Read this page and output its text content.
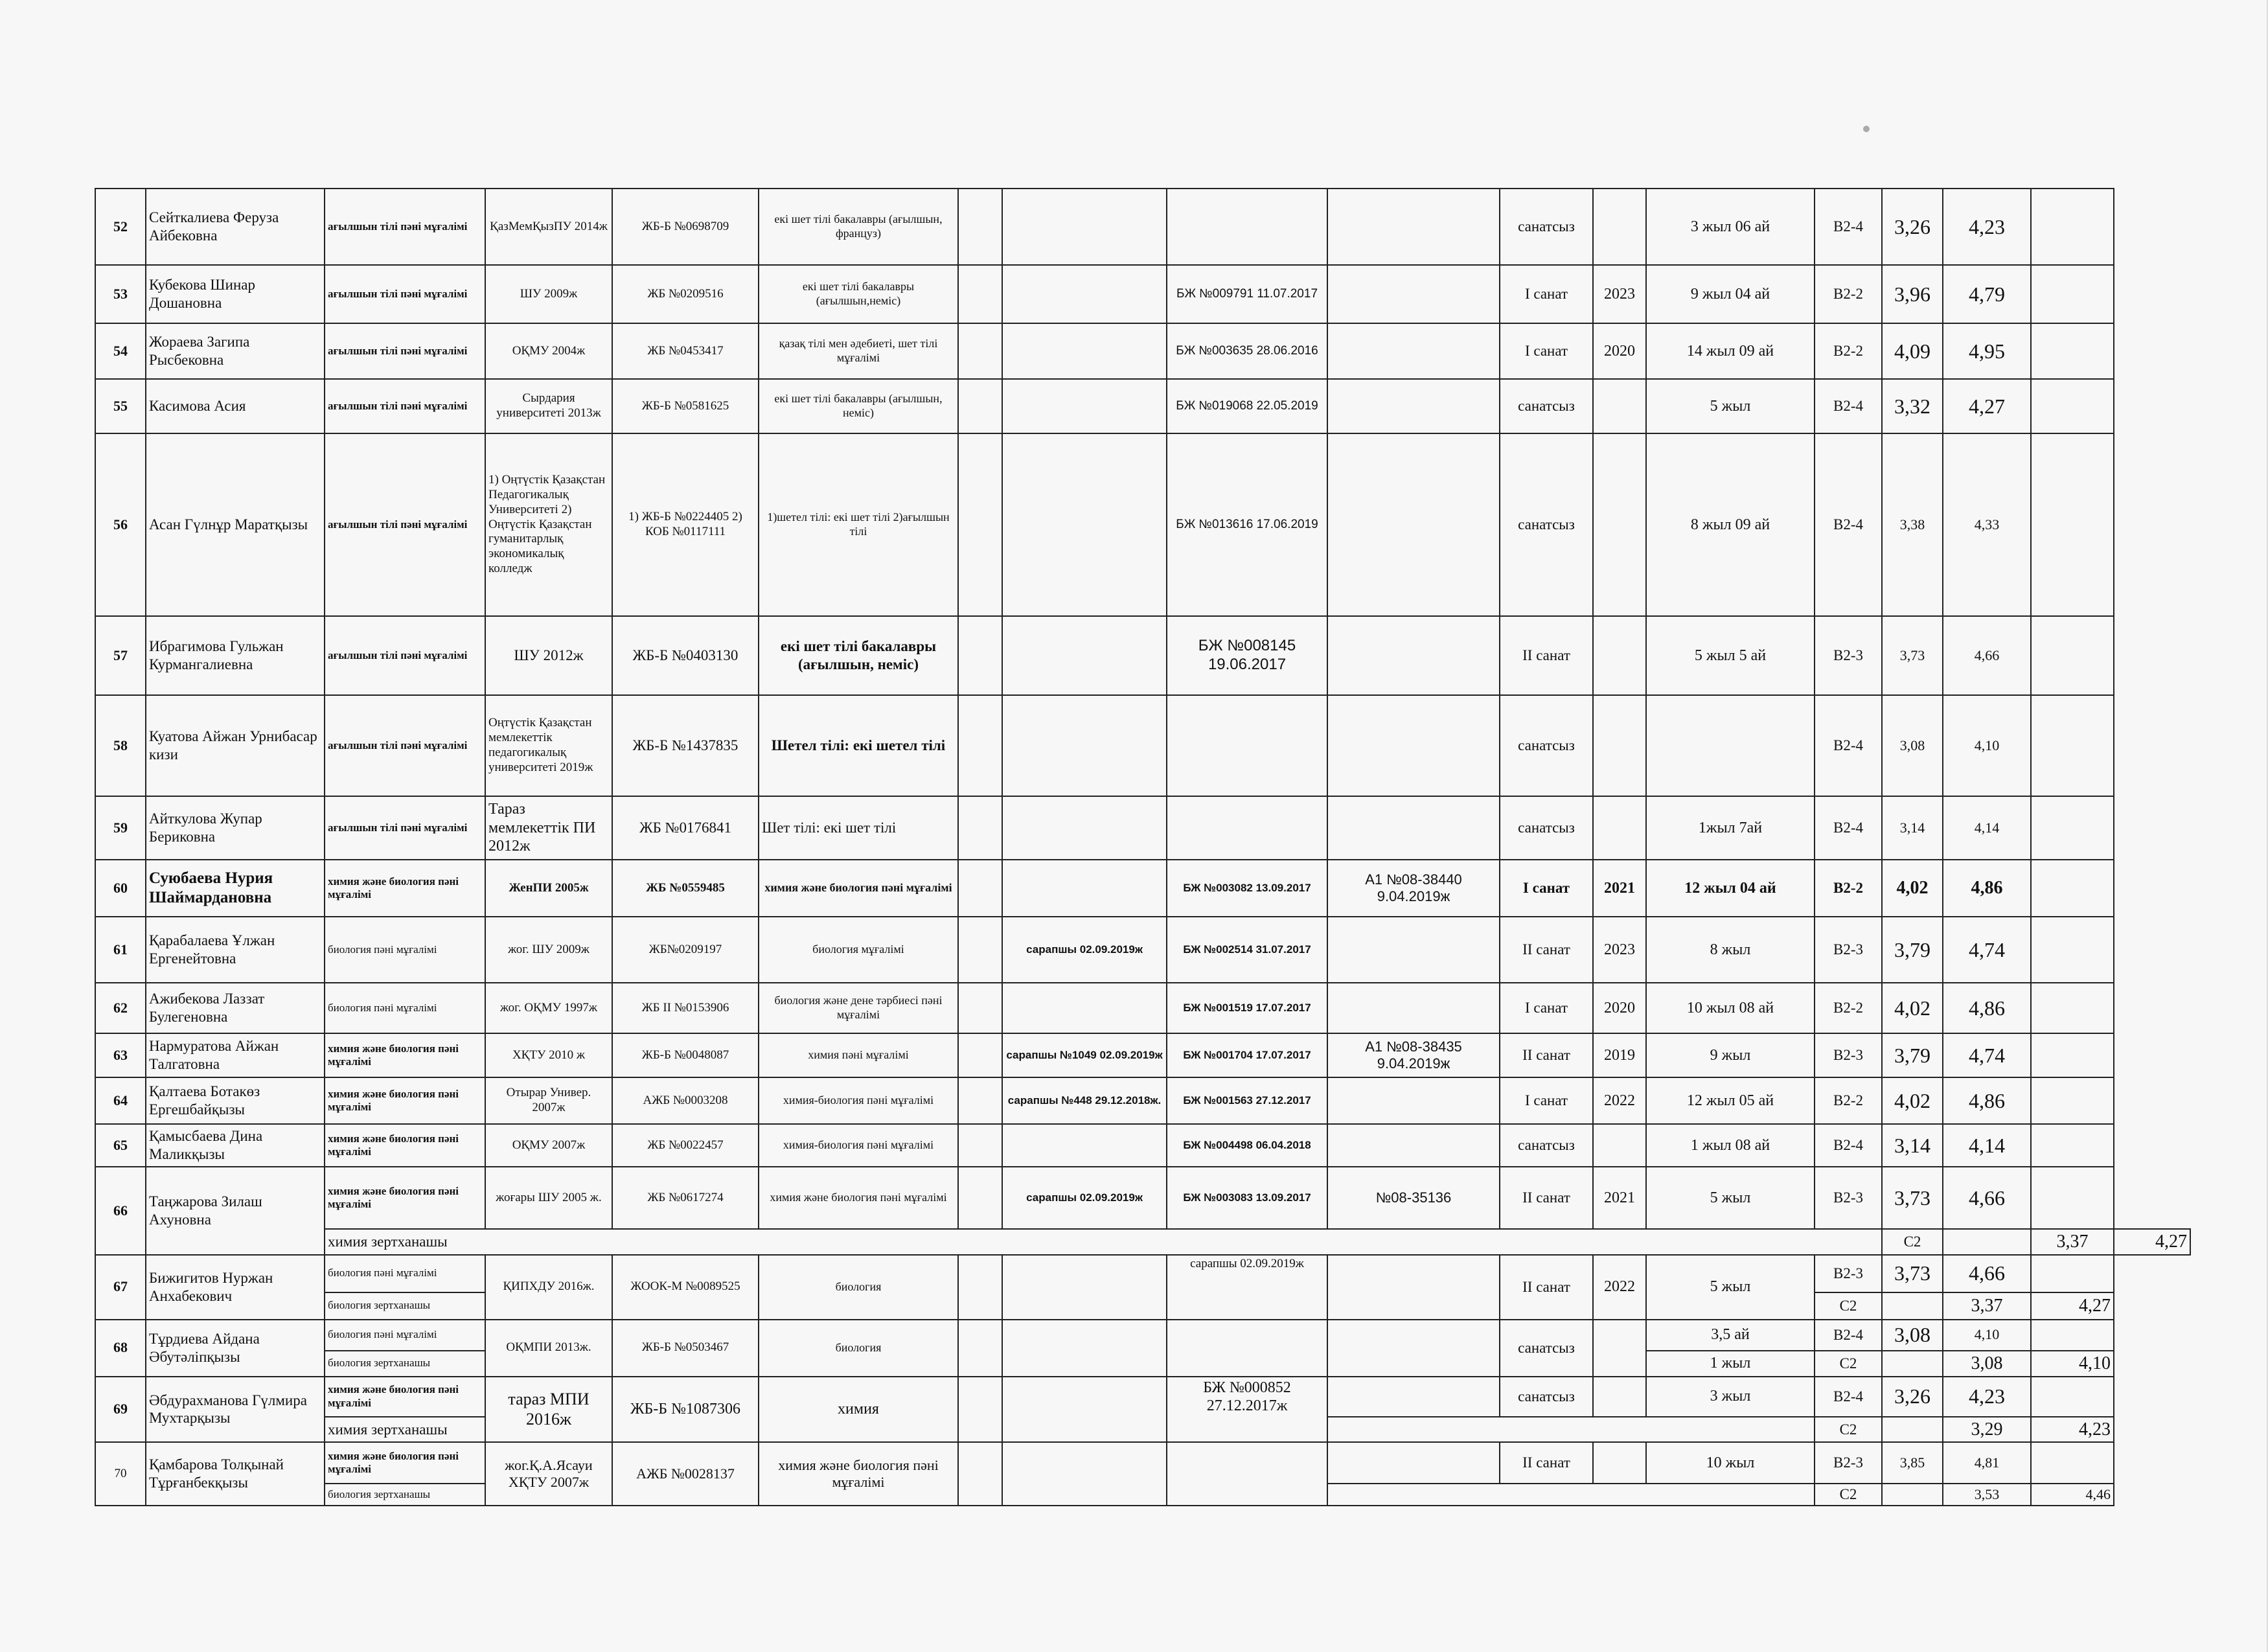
52	Сейткалиева Феруза Айбековна	ағылшын тілі пәні мұғалімі	ҚазМемҚызПУ 2014ж	ЖБ-Б №0698709	екі шет тілі бакалавры (ағылшын, француз)					санатсыз		3 жыл 06 ай	В2-4	3,26	4,23		
53	Кубекова Шинар Дошановна	ағылшын тілі пәні мұғалімі	ШУ 2009ж	ЖБ №0209516	екі шет тілі бакалавры (ағылшын,неміс)			БЖ №009791 11.07.2017		I санат	2023	9 жыл 04 ай	В2-2	3,96	4,79		
54	Жораева Загипа Рысбековна	ағылшын тілі пәні мұғалімі	ОҚМУ 2004ж	ЖБ №0453417	қазақ тілі мен әдебиеті, шет тілі мұғалімі			БЖ №003635 28.06.2016		I санат	2020	14 жыл 09 ай	В2-2	4,09	4,95		
55	Касимова Асия	ағылшын тілі пәні мұғалімі	Сырдария университеті 2013ж	ЖБ-Б №0581625	екі шет тілі бакалавры (ағылшын, неміс)			БЖ №019068 22.05.2019		санатсыз		5 жыл	В2-4	3,32	4,27		
56	Асан Гүлнұр Маратқызы	ағылшын тілі пәні мұғалімі	1) Оңтүстік Қазақстан Педагогикалық Университеті 2) Оңтүстік Қазақстан гуманитарлық экономикалық колледж	1) ЖБ-Б №0224405 2) КОБ №0117111	1)шетел тілі: екі шет тілі 2)ағылшын тілі			БЖ №013616 17.06.2019		санатсыз		8 жыл 09 ай	В2-4	3,38	4,33		
57	Ибрагимова Гульжан Курмангалиевна	ағылшын тілі пәні мұғалімі	ШУ 2012ж	ЖБ-Б №0403130	екі шет тілі бакалавры (ағылшын, неміс)			БЖ №008145 19.06.2017		II санат		5 жыл 5 ай	В2-3	3,73	4,66		
58	Куатова Айжан Урнибасар кизи	ағылшын тілі пәні мұғалімі	Оңтүстік Қазақстан мемлекеттік педагогикалық университеті 2019ж	ЖБ-Б №1437835	Шетел тілі: екі шетел тілі					санатсыз			В2-4	3,08	4,10		
59	Айткулова Жупар Бериковна	ағылшын тілі пәні мұғалімі	Тараз мемлекеттік ПИ 2012ж	ЖБ №0176841	Шет тілі: екі шет тілі					санатсыз		1жыл 7ай	В2-4	3,14	4,14		
60	Суюбаева Нурия Шаймардановна	химия және биология пәні мұғалімі	ЖенПИ 2005ж	ЖБ №0559485	химия және биология пәні мұғалімі			БЖ №003082 13.09.2017	А1 №08-38440 9.04.2019ж	I санат	2021	12 жыл 04 ай	В2-2	4,02	4,86		
61	Қарабалаева Ұлжан Ергенейтовна	биология пәні мұғалімі	жог. ШУ 2009ж	ЖБ№0209197	биология мұғалімі		сарапшы 02.09.2019ж	БЖ №002514 31.07.2017		II санат	2023	8 жыл	В2-3	3,79	4,74		
62	Ажибекова Лаззат Булегеновна	биология пәні мұғалімі	жог. ОҚМУ 1997ж	ЖБ II №0153906	биология және дене тәрбиесі пәні мұғалімі			БЖ №001519 17.07.2017		I санат	2020	10 жыл 08 ай	В2-2	4,02	4,86		
63	Нармуратова Айжан Талгатовна	химия және биология пәні мұғалімі	ХҚТУ 2010 ж	ЖБ-Б №0048087	химия пәні мұғалімі		сарапшы №1049 02.09.2019ж	БЖ №001704 17.07.2017	А1 №08-38435 9.04.2019ж	II санат	2019	9 жыл	В2-3	3,79	4,74		
64	Қалтаева Ботакөз Ергешбайқызы	химия және биология пәні мұғалімі	Отырар Универ. 2007ж	АЖБ №0003208	химия-биология пәні мұғалімі		сарапшы №448 29.12.2018ж.	БЖ №001563 27.12.2017		I санат	2022	12 жыл 05 ай	В2-2	4,02	4,86		
65	Қамысбаева Дина Маликқызы	химия және биология пәні мұғалімі	ОҚМУ 2007ж	ЖБ №0022457	химия-биология пәні мұғалімі			БЖ №004498 06.04.2018		санатсыз		1 жыл 08 ай	В2-4	3,14	4,14		
66	Таңжарова Зилаш Ахуновна	химия және биология пәні мұғалімі	жоғары ШУ 2005 ж.	ЖБ №0617274	химия және биология пәні мұғалімі		сарапшы 02.09.2019ж	БЖ №003083 13.09.2017	№08-35136	II санат	2021	5 жыл	В2-3	3,73	4,66		
		химия зертханашы												С2		3,37	4,27
67	Бижигитов Нуржан Анхабекович	биология пәні мұғалімі	ҚИПХДУ 2016ж.	ЖООК-М №0089525	биология			сарапшы 02.09.2019ж		II санат	2022	5 жыл	В2-3	3,73	4,66		
		биология зертханашы											С2		3,37	4,27	
68	Тұрдиева Айдана Әбутәліпқызы	биология пәні мұғалімі	ОҚМПИ 2013ж.	ЖБ-Б №0503467	биология					санатсыз		3,5 ай	В2-4	3,08	4,10		
		биология зертханашы										1 жыл	С2		3,08	4,10	
69	Әбдурахманова Гүлмира Мухтарқызы	химия және биология пәні мұғалімі	тараз МПИ 2016ж	ЖБ-Б №1087306	химия			БЖ №000852 27.12.2017ж		санатсыз		3 жыл	В2-4	3,26	4,23		
		химия зертханашы											С2		3,29	4,23	
70	Қамбарова Толқынай Тұрғанбекқызы	химия және биология пәні мұғалімі	жог.Қ.А.Ясауи ХҚТУ 2007ж	АЖБ №0028137	химия және биология пәні мұғалімі					II санат		10 жыл	В2-3	3,85	4,81		
		биология зертханашы											С2		3,53	4,46	
